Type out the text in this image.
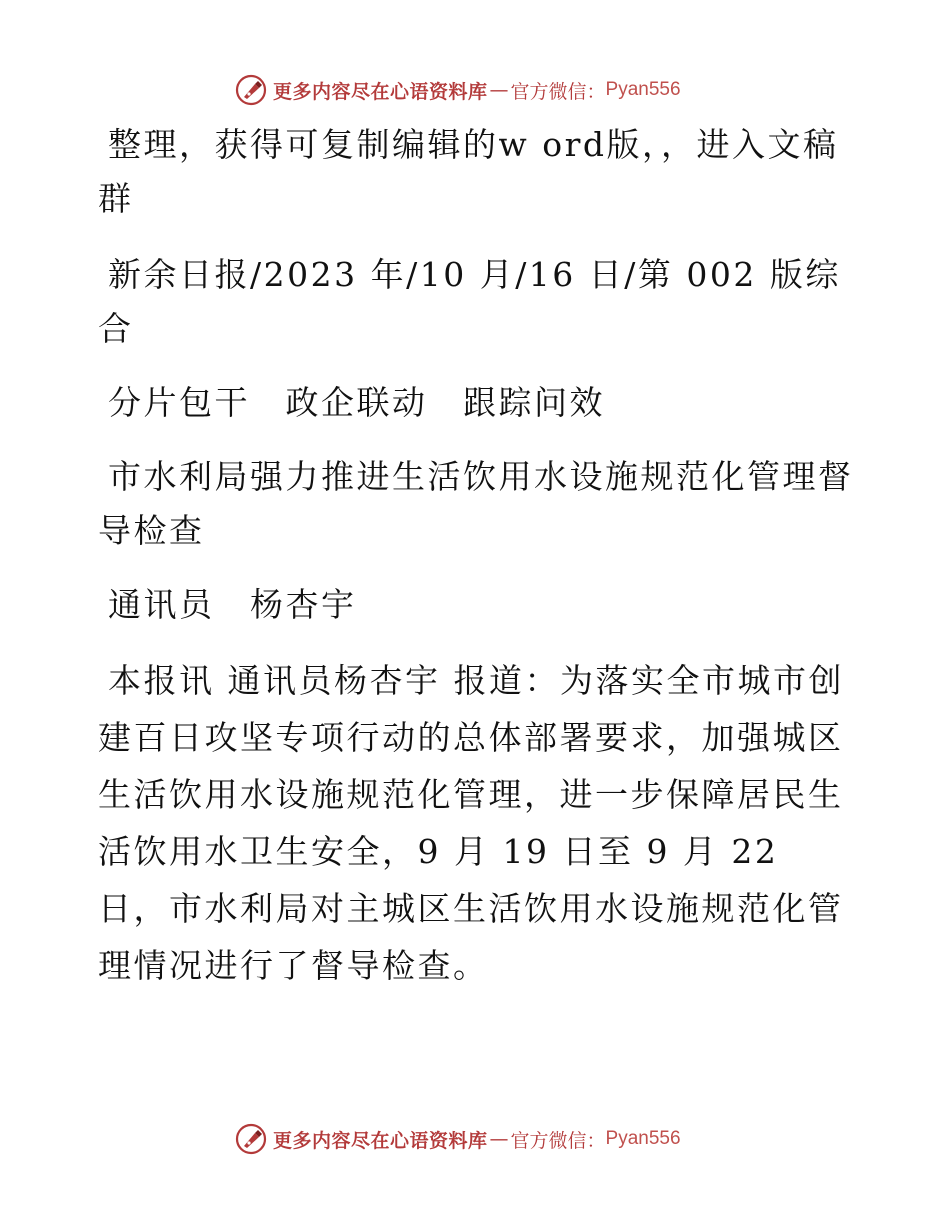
更多内容尽在心语资料库 — 官方微信： Pyan556

整理，获得可复制编辑的w ord版，，进入文稿群

新余日报/2023 年/10 月/16 日/第 002 版综合

分片包干　政企联动　跟踪问效

市水利局强力推进生活饮用水设施规范化管理督导检查

通讯员　杨杏宇

本报讯 通讯员杨杏宇 报道：为落实全市城市创建百日攻坚专项行动的总体部署要求，加强城区生活饮用水设施规范化管理，进一步保障居民生活饮用水卫生安全，9 月 19 日至 9 月 22 日，市水利局对主城区生活饮用水设施规范化管理情况进行了督导检查。

更多内容尽在心语资料库 — 官方微信： Pyan556
